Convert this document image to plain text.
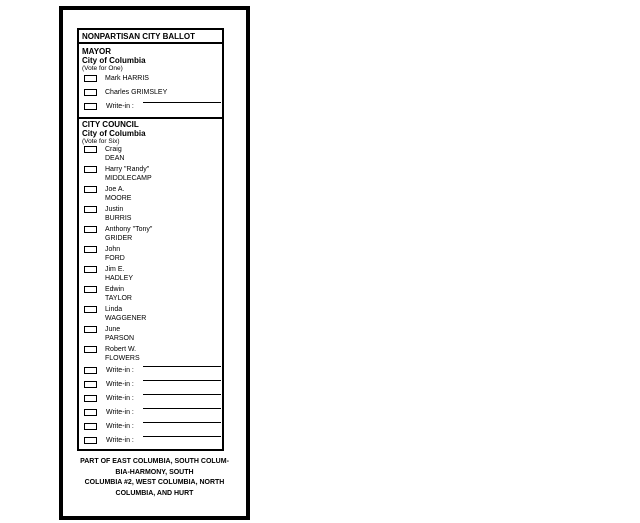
NONPARTISAN CITY BALLOT
MAYOR
City of Columbia
(Vote for One)
Mark HARRIS
Charles GRIMSLEY
Write-in :
CITY COUNCIL
City of Columbia
(Vote for Six)
Craig
DEAN
Harry "Randy"
MIDDLECAMP
Joe A.
MOORE
Justin
BURRIS
Anthony "Tony"
GRIDER
John
FORD
Jim E.
HADLEY
Edwin
TAYLOR
Linda
WAGGENER
June
PARSON
Robert W.
FLOWERS
Write-in :
Write-in :
Write-in :
Write-in :
Write-in :
Write-in :
PART OF EAST COLUMBIA, SOUTH COLUM-
BIA-HARMONY, SOUTH
COLUMBIA #2, WEST COLUMBIA, NORTH
COLUMBIA, AND HURT
